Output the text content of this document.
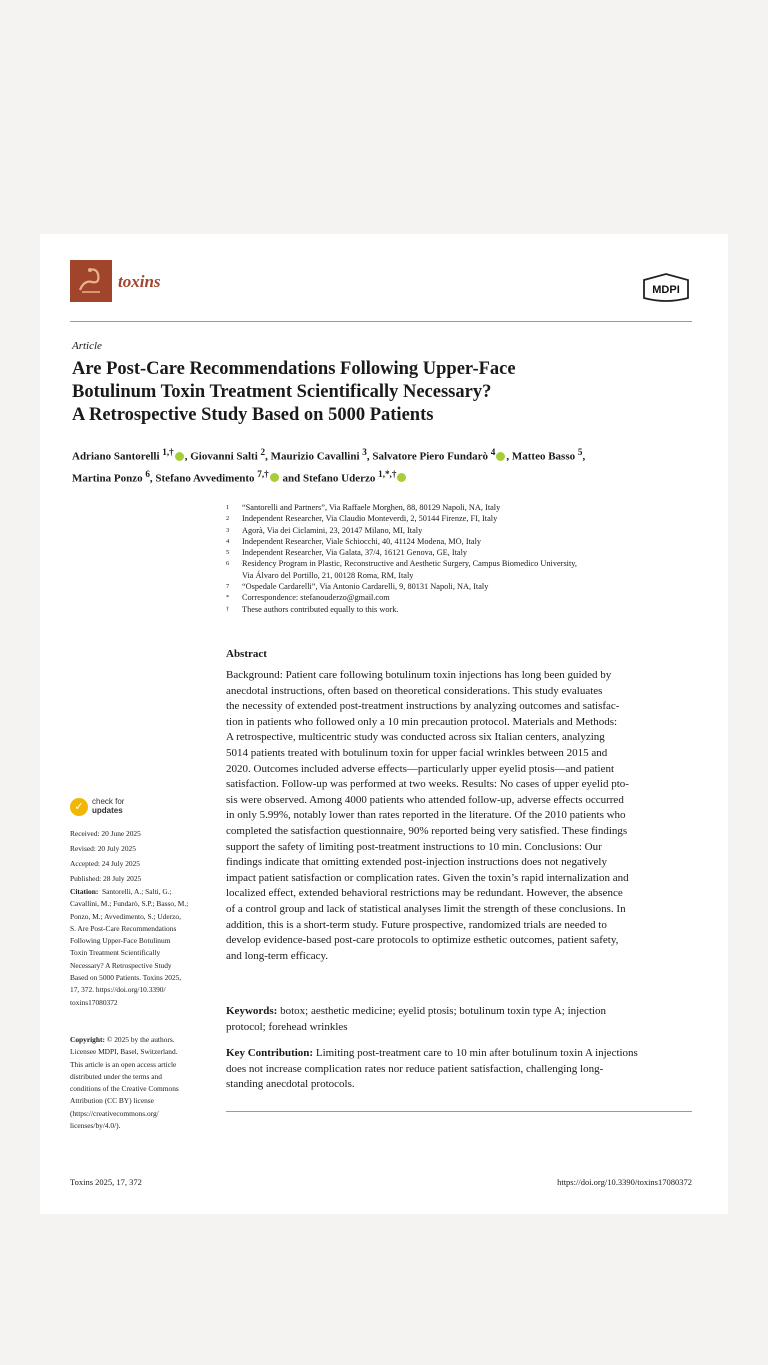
toxins	MDPI
Article
Are Post-Care Recommendations Following Upper-Face
Botulinum Toxin Treatment Scientifically Necessary?
A Retrospective Study Based on 5000 Patients
Adriano Santorelli $^{1,\dagger}$ , Giovanni Salti $^2$, Maurizio Cavallini $^3$, Salvatore Piero Fundarò $^4$ , Matteo Basso $^5$,
Martina Ponzo $^6$, Stefano Avvedimento $^{7,\dagger}$ and Stefano Uderzo $^{1,*,\dagger}$
1	“Santorelli and Partners”, Via Raffaele Morghen, 88, 80129 Napoli, NA, Italy
2	Independent Researcher, Via Claudio Monteverdi, 2, 50144 Firenze, FI, Italy
3	Agorà, Via dei Ciclamini, 23, 20147 Milano, MI, Italy
4	Independent Researcher, Viale Schiocchi, 40, 41124 Modena, MO, Italy
5	Independent Researcher, Via Galata, 37/4, 16121 Genova, GE, Italy
6	Residency Program in Plastic, Reconstructive and Aesthetic Surgery, Campus Biomedico University,
Via Álvaro del Portillo, 21, 00128 Roma, RM, Italy
7	“Ospedale Cardarelli”, Via Antonio Cardarelli, 9, 80131 Napoli, NA, Italy
*	Correspondence: stefanouderzo@gmail.com
†	These authors contributed equally to this work.
Abstract
Background: Patient care following botulinum toxin injections has long been guided by
anecdotal instructions, often based on theoretical considerations. This study evaluates
the necessity of extended post-treatment instructions by analyzing outcomes and satisfac-
tion in patients who followed only a 10 min precaution protocol. Materials and Methods:
A retrospective, multicentric study was conducted across six Italian centers, analyzing
5014 patients treated with botulinum toxin for upper facial wrinkles between 2015 and
2020. Outcomes included adverse effects—particularly upper eyelid ptosis—and patient
satisfaction. Follow-up was performed at two weeks. Results: No cases of upper eyelid pto-
sis were observed. Among 4000 patients who attended follow-up, adverse effects occurred
in only 5.99%, notably lower than rates reported in the literature. Of the 2010 patients who
completed the satisfaction questionnaire, 90% reported being very satisfied. These findings
support the safety of limiting post-treatment instructions to 10 min. Conclusions: Our
findings indicate that omitting extended post-injection instructions does not negatively
impact patient satisfaction or complication rates. Given the toxin’s rapid internalization and
localized effect, extended behavioral restrictions may be redundant. However, the absence
of a control group and lack of statistical analyses limit the strength of these conclusions. In
addition, this is a short-term study. Future prospective, randomized trials are needed to
develop evidence-based post-care protocols to optimize esthetic outcomes, patient safety,
and long-term efficacy.
Keywords: botox; aesthetic medicine; eyelid ptosis; botulinum toxin type A; injection
protocol; forehead wrinkles
Key Contribution: Limiting post-treatment care to 10 min after botulinum toxin A injections
does not increase complication rates nor reduce patient satisfaction, challenging long-
standing anecdotal protocols.
✓	check for
updates
Received: 20 June 2025
Revised: 20 July 2025
Accepted: 24 July 2025
Published: 28 July 2025
Citation:  Santorelli, A.; Salti, G.;
Cavallini, M.; Fundarò, S.P.; Basso, M.;
Ponzo, M.; Avvedimento, S.; Uderzo,
S. Are Post-Care Recommendations
Following Upper-Face Botulinum
Toxin Treatment Scientifically
Necessary? A Retrospective Study
Based on 5000 Patients. Toxins 2025,
17, 372. https://doi.org/10.3390/
toxins17080372
Copyright: © 2025 by the authors.
Licensee MDPI, Basel, Switzerland.
This article is an open access article
distributed under the terms and
conditions of the Creative Commons
Attribution (CC BY) license
(https://creativecommons.org/
licenses/by/4.0/).
Toxins 2025, 17, 372	https://doi.org/10.3390/toxins17080372
